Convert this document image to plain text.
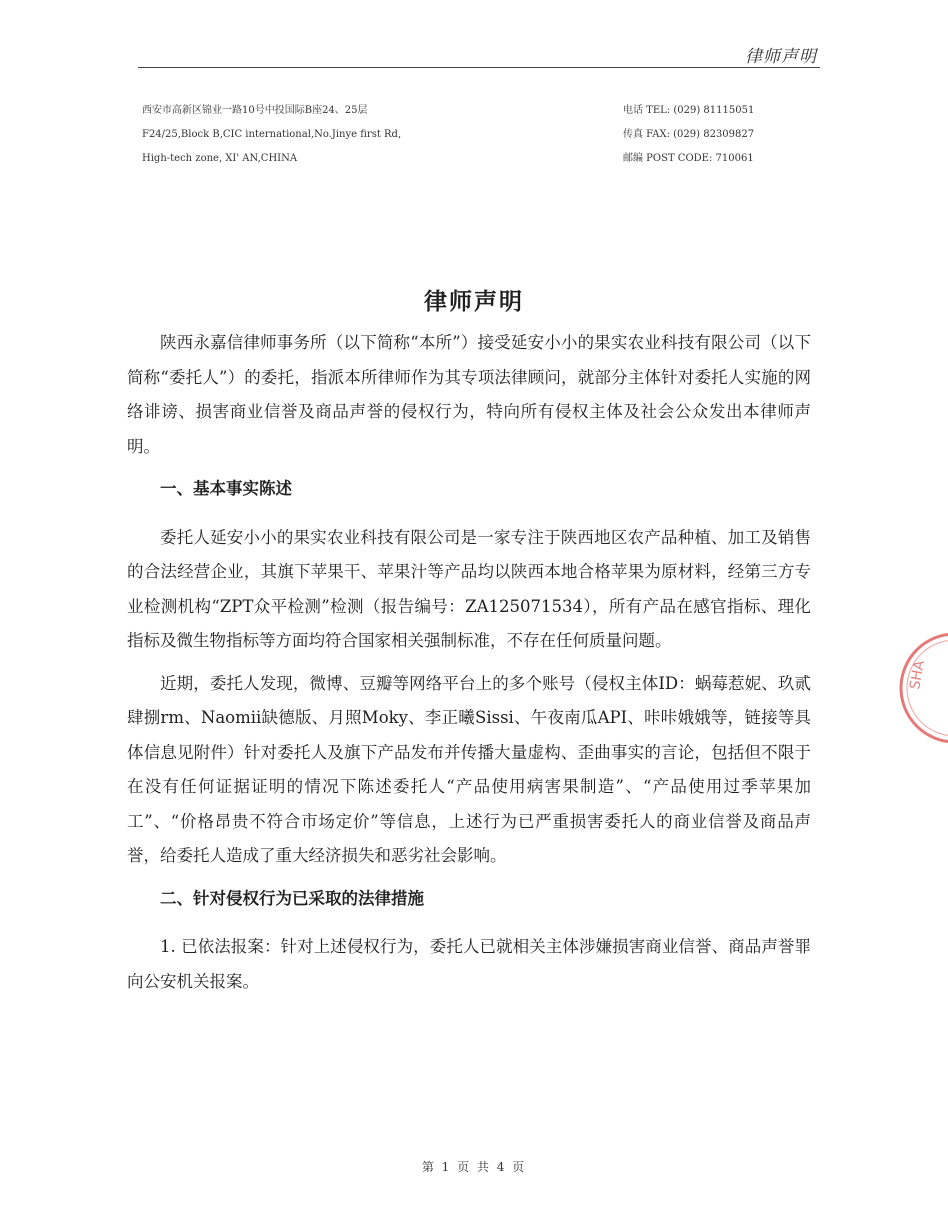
律师声明
西安市高新区锦业一路10号中投国际B座24、25层
F24/25,Block B,CIC international,No.Jinye first Rd,
High-tech zone, XI' AN,CHINA
电话 TEL: (029) 81115051
传真 FAX: (029) 82309827
邮编 POST CODE: 710061
律师声明

陕西永嘉信律师事务所（以下简称“本所”）接受延安小小的果实农业科技有限公司（以下简称“委托人”）的委托，指派本所律师作为其专项法律顾问，就部分主体针对委托人实施的网络诽谤、损害商业信誉及商品声誉的侵权行为，特向所有侵权主体及社会公众发出本律师声明。

一、基本事实陈述

委托人延安小小的果实农业科技有限公司是一家专注于陕西地区农产品种植、加工及销售的合法经营企业，其旗下苹果干、苹果汁等产品均以陕西本地合格苹果为原材料，经第三方专业检测机构“ZPT众平检测”检测（报告编号：ZA125071534），所有产品在感官指标、理化指标及微生物指标等方面均符合国家相关强制标准，不存在任何质量问题。

近期，委托人发现，微博、豆瓣等网络平台上的多个账号（侵权主体ID：蜗莓惹妮、玖贰肆捌rm、Naomii缺德版、月照Moky、李正曦Sissi、午夜南瓜API、咔咔娥娥等，链接等具体信息见附件）针对委托人及旗下产品发布并传播大量虚构、歪曲事实的言论，包括但不限于在没有任何证据证明的情况下陈述委托人“产品使用病害果制造”、“产品使用过季苹果加工”、“价格昂贵不符合市场定价”等信息，上述行为已严重损害委托人的商业信誉及商品声誉，给委托人造成了重大经济损失和恶劣社会影响。

二、针对侵权行为已采取的法律措施

1. 已依法报案：针对上述侵权行为，委托人已就相关主体涉嫌损害商业信誉、商品声誉罪向公安机关报案。

第 1 页 共 4 页
SHA
